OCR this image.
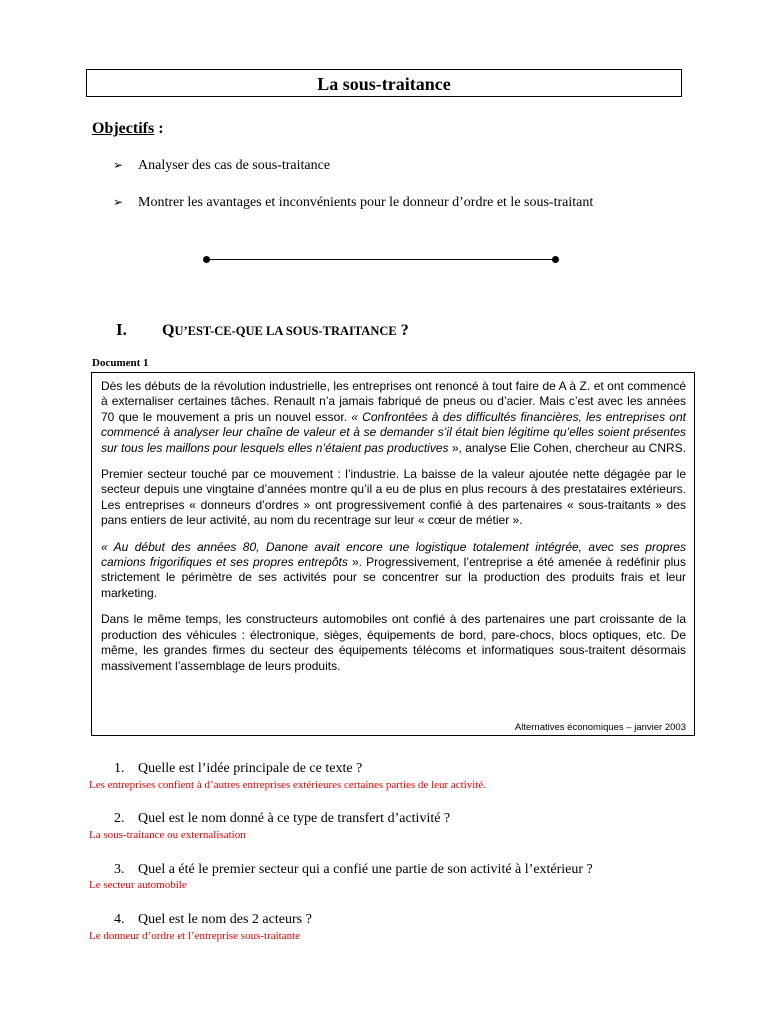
La sous-traitance
Objectifs :
➢ Analyser des cas de sous-traitance
➢ Montrer les avantages et inconvénients pour le donneur d’ordre et le sous-traitant
I. QU’EST-CE-QUE LA SOUS-TRAITANCE ?
Document 1

Dès les débuts de la révolution industrielle, les entreprises ont renoncé à tout faire de A à Z. et ont commencé à externaliser certaines tâches. Renault n’a jamais fabriqué de pneus ou d’acier. Mais c’est avec les années 70 que le mouvement a pris un nouvel essor. « Confrontées à des difficultés financières, les entreprises ont commencé à analyser leur chaîne de valeur et à se demander s’il était bien légitime qu’elles soient présentes sur tous les maillons pour lesquels elles n’étaient pas productives », analyse Elie Cohen, chercheur au CNRS.

Premier secteur touché par ce mouvement : l’industrie. La baisse de la valeur ajoutée nette dégagée par le secteur depuis une vingtaine d’années montre qu’il a eu de plus en plus recours à des prestataires extérieurs. Les entreprises « donneurs d’ordres » ont progressivement confié à des partenaires « sous-traitants » des pans entiers de leur activité, au nom du recentrage sur leur « cœur de métier ».

« Au début des années 80, Danone avait encore une logistique totalement intégrée, avec ses propres camions frigorifiques et ses propres entrepôts ». Progressivement, l’entreprise a été amenée à redéfinir plus strictement le périmètre de ses activités pour se concentrer sur la production des produits frais et leur marketing.

Dans le même temps, les constructeurs automobiles ont confié à des partenaires une part croissante de la production des véhicules : électronique, sièges, équipements de bord, pare-chocs, blocs optiques, etc. De même, les grandes firmes du secteur des équipements télécoms et informatiques sous-traitent désormais massivement l’assemblage de leurs produits.

Alternatives économiques – janvier 2003
1. Quelle est l’idée principale de ce texte ?
Les entreprises confient à d’autres entreprises extérieures certaines parties de leur activité.
2. Quel est le nom donné à ce type de transfert d’activité ?
La sous-traitance ou externalisation
3. Quel a été le premier secteur qui a confié une partie de son activité à l’extérieur ?
Le secteur automobile
4. Quel est le nom des 2 acteurs ?
Le donneur d’ordre et l’entreprise sous-traitante
